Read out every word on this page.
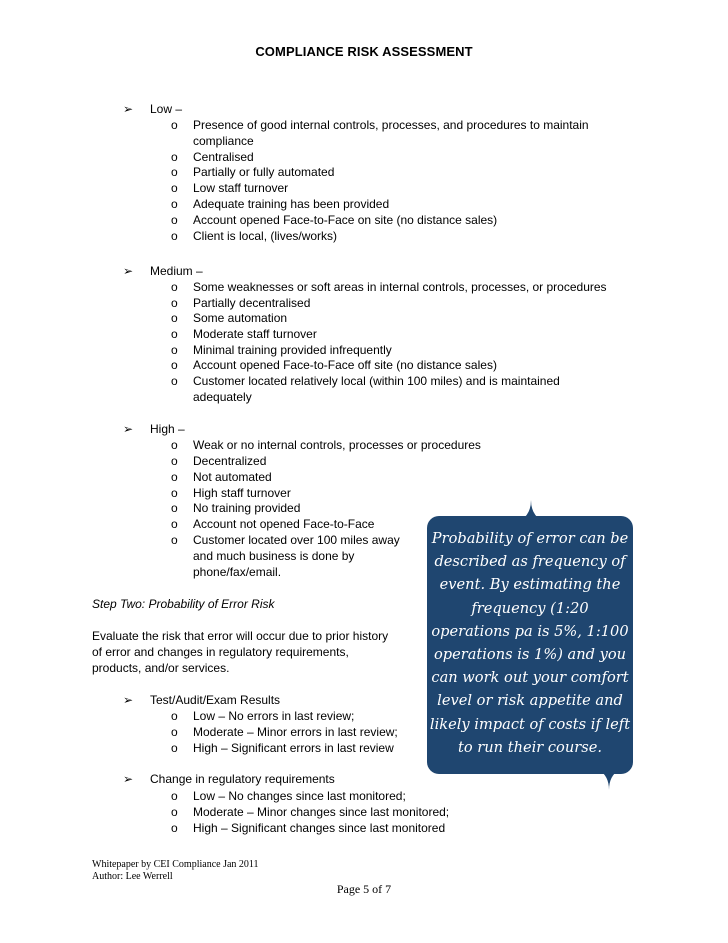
COMPLIANCE RISK ASSESSMENT
➢	Low –
o Presence of good internal controls, processes, and procedures to maintain
compliance
o Centralised
o Partially or fully automated
o Low staff turnover
o Adequate training has been provided
o Account opened Face-to-Face on site (no distance sales)
o Client is local, (lives/works)
➢	Medium –
o Some weaknesses or soft areas in internal controls, processes, or procedures
o Partially decentralised
o Some automation
o Moderate staff turnover
o Minimal training provided infrequently
o Account opened Face-to-Face off site (no distance sales)
o Customer located relatively local (within 100 miles) and is maintained
adequately
➢	High –
o Weak or no internal controls, processes or procedures
o Decentralized
o Not automated
o High staff turnover
o No training provided
o Account not opened Face-to-Face
o Customer located over 100 miles away
and much business is done by
phone/fax/email.
Step Two: Probability of Error Risk
Evaluate the risk that error will occur due to prior history
of error and changes in regulatory requirements,
products, and/or services.
➢	Test/Audit/Exam Results
o Low – No errors in last review;
o Moderate – Minor errors in last review;
o High – Significant errors in last review
➢	Change in regulatory requirements
o Low – No changes since last monitored;
o Moderate – Minor changes since last monitored;
o High – Significant changes since last monitored
Probability of error can be
described as frequency of
event. By estimating the
frequency (1:20
operations pa is 5%, 1:100
operations is 1%) and you
can work out your comfort
level or risk appetite and
likely impact of costs if left
to run their course.
Whitepaper by CEI Compliance Jan 2011
Author: Lee Werrell
Page 5 of 7
